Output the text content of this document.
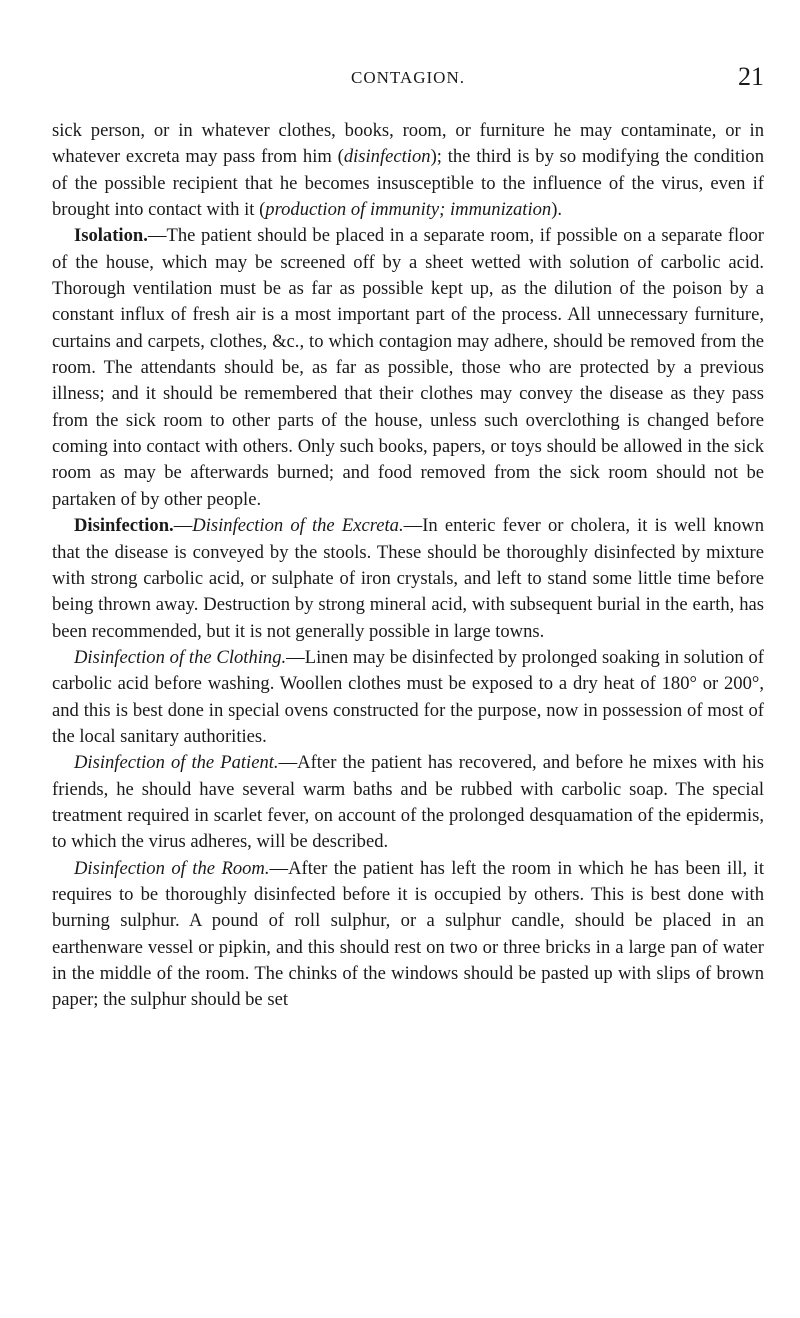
CONTAGION.	21

sick person, or in whatever clothes, books, room, or furniture he may contaminate, or in whatever excreta may pass from him (disinfection); the third is by so modifying the condition of the possible recipient that he becomes insusceptible to the influence of the virus, even if brought into contact with it (production of immunity; immunization).

Isolation.—The patient should be placed in a separate room, if possible on a separate floor of the house, which may be screened off by a sheet wetted with solution of carbolic acid. Thorough ventilation must be as far as possible kept up, as the dilution of the poison by a constant influx of fresh air is a most important part of the process. All unnecessary furniture, curtains and carpets, clothes, &c., to which contagion may adhere, should be removed from the room. The attendants should be, as far as possible, those who are protected by a previous illness; and it should be remembered that their clothes may convey the disease as they pass from the sick room to other parts of the house, unless such overclothing is changed before coming into contact with others. Only such books, papers, or toys should be allowed in the sick room as may be afterwards burned; and food removed from the sick room should not be partaken of by other people.

Disinfection.—Disinfection of the Excreta.—In enteric fever or cholera, it is well known that the disease is conveyed by the stools. These should be thoroughly disinfected by mixture with strong carbolic acid, or sulphate of iron crystals, and left to stand some little time before being thrown away. Destruction by strong mineral acid, with subsequent burial in the earth, has been recommended, but it is not generally possible in large towns.

Disinfection of the Clothing.—Linen may be disinfected by prolonged soaking in solution of carbolic acid before washing. Woollen clothes must be exposed to a dry heat of 180° or 200°, and this is best done in special ovens constructed for the purpose, now in possession of most of the local sanitary authorities.

Disinfection of the Patient.—After the patient has recovered, and before he mixes with his friends, he should have several warm baths and be rubbed with carbolic soap. The special treatment required in scarlet fever, on account of the prolonged desquamation of the epidermis, to which the virus adheres, will be described.

Disinfection of the Room.—After the patient has left the room in which he has been ill, it requires to be thoroughly disinfected before it is occupied by others. This is best done with burning sulphur. A pound of roll sulphur, or a sulphur candle, should be placed in an earthenware vessel or pipkin, and this should rest on two or three bricks in a large pan of water in the middle of the room. The chinks of the windows should be pasted up with slips of brown paper; the sulphur should be set
